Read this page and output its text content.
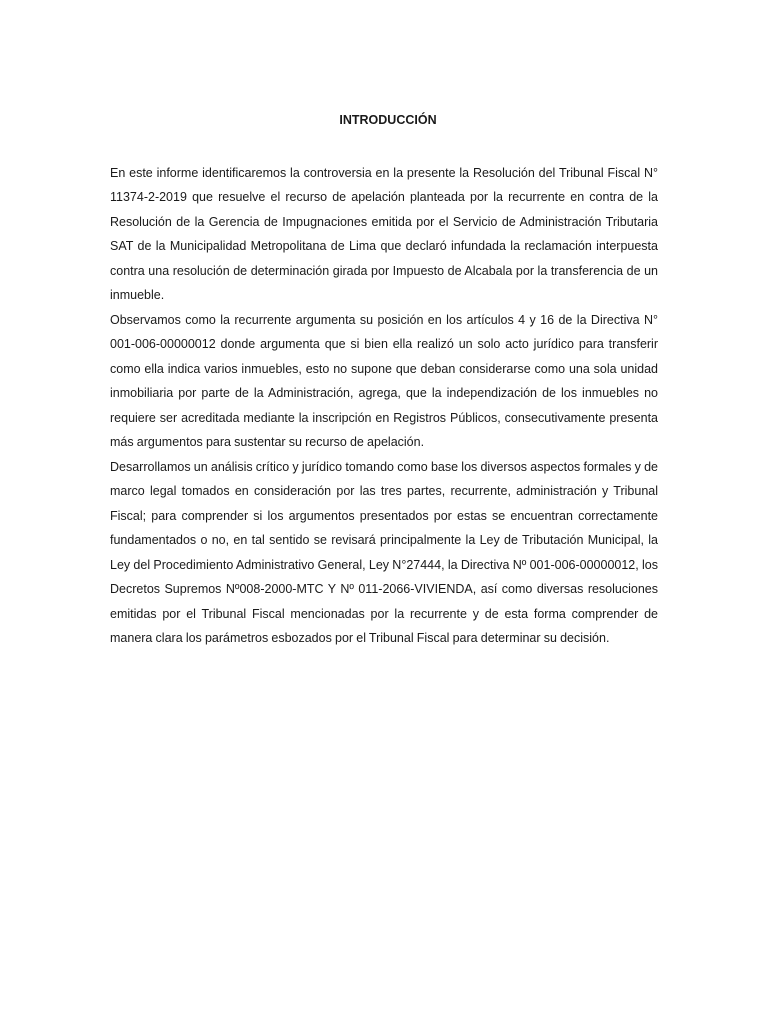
INTRODUCCIÓN

En este informe identificaremos la controversia en la presente la Resolución del Tribunal Fiscal N° 11374-2-2019 que resuelve el recurso de apelación planteada por la recurrente en contra de la Resolución de la Gerencia de Impugnaciones emitida por el Servicio de Administración Tributaria SAT de la Municipalidad Metropolitana de Lima que declaró infundada la reclamación interpuesta contra una resolución de determinación girada por Impuesto de Alcabala por la transferencia de un inmueble.

Observamos como la recurrente argumenta su posición en los artículos 4 y 16 de la Directiva N° 001-006-00000012 donde argumenta que si bien ella realizó un solo acto jurídico para transferir como ella indica varios inmuebles, esto no supone que deban considerarse como una sola unidad inmobiliaria por parte de la Administración, agrega, que la independización de los inmuebles no requiere ser acreditada mediante la inscripción en Registros Públicos, consecutivamente presenta más argumentos para sustentar su recurso de apelación.

Desarrollamos un análisis crítico y jurídico tomando como base los diversos aspectos formales y de marco legal tomados en consideración por las tres partes, recurrente, administración y Tribunal Fiscal; para comprender si los argumentos presentados por estas se encuentran correctamente fundamentados o no, en tal sentido se revisará principalmente la Ley de Tributación Municipal, la Ley del Procedimiento Administrativo General, Ley N°27444, la Directiva Nº 001-006-00000012, los Decretos Supremos Nº008-2000-MTC Y Nº 011-2066-VIVIENDA, así como diversas resoluciones emitidas por el Tribunal Fiscal mencionadas por la recurrente y de esta forma comprender de manera clara los parámetros esbozados por el Tribunal Fiscal para determinar su decisión.
